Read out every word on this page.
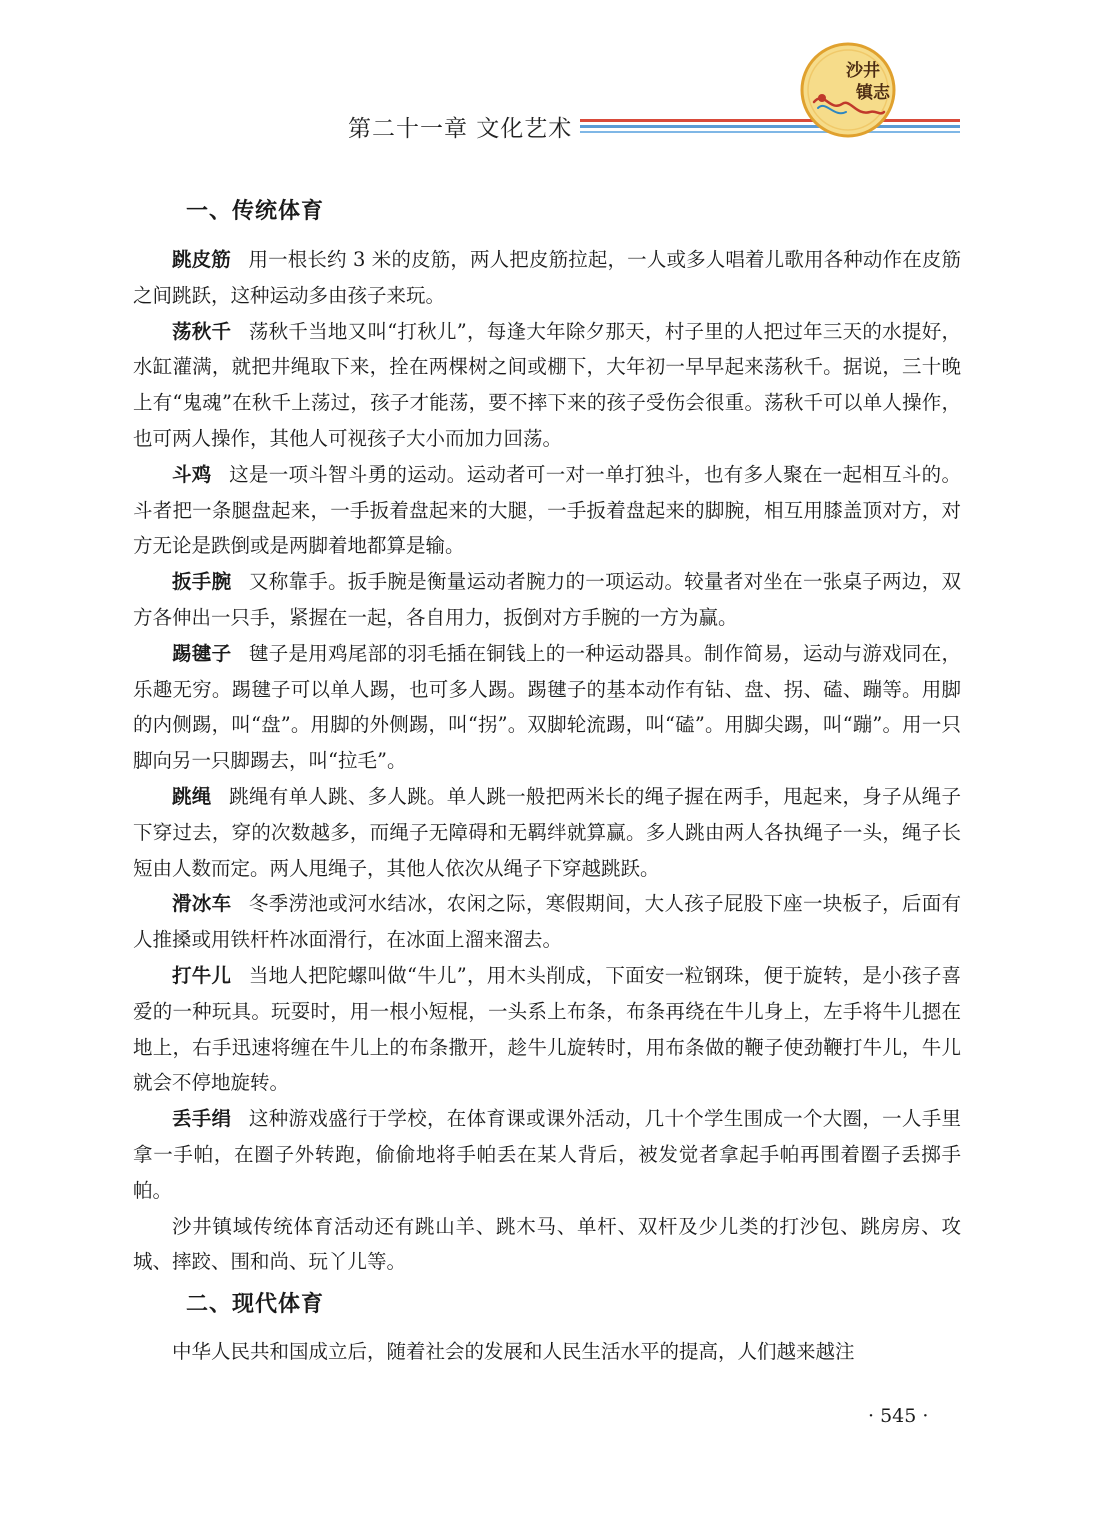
第二十一章 文化艺术
沙井
镇志
一、传统体育

跳皮筋 用一根长约 3 米的皮筋，两人把皮筋拉起，一人或多人唱着儿歌用各种动作在皮筋之间跳跃，这种运动多由孩子来玩。

荡秋千 荡秋千当地又叫“打秋儿”，每逢大年除夕那天，村子里的人把过年三天的水提好，水缸灌满，就把井绳取下来，拴在两棵树之间或棚下，大年初一早早起来荡秋千。据说，三十晚上有“鬼魂”在秋千上荡过，孩子才能荡，要不摔下来的孩子受伤会很重。荡秋千可以单人操作，也可两人操作，其他人可视孩子大小而加力回荡。

斗鸡 这是一项斗智斗勇的运动。运动者可一对一单打独斗，也有多人聚在一起相互斗的。斗者把一条腿盘起来，一手扳着盘起来的大腿，一手扳着盘起来的脚腕，相互用膝盖顶对方，对方无论是跌倒或是两脚着地都算是输。

扳手腕 又称靠手。扳手腕是衡量运动者腕力的一项运动。较量者对坐在一张桌子两边，双方各伸出一只手，紧握在一起，各自用力，扳倒对方手腕的一方为赢。

踢毽子 毽子是用鸡尾部的羽毛插在铜钱上的一种运动器具。制作简易，运动与游戏同在，乐趣无穷。踢毽子可以单人踢，也可多人踢。踢毽子的基本动作有钻、盘、拐、磕、蹦等。用脚的内侧踢，叫“盘”。用脚的外侧踢，叫“拐”。双脚轮流踢，叫“磕”。用脚尖踢，叫“蹦”。用一只脚向另一只脚踢去，叫“拉毛”。

跳绳 跳绳有单人跳、多人跳。单人跳一般把两米长的绳子握在两手，甩起来，身子从绳子下穿过去，穿的次数越多，而绳子无障碍和无羁绊就算赢。多人跳由两人各执绳子一头，绳子长短由人数而定。两人甩绳子，其他人依次从绳子下穿越跳跃。

滑冰车 冬季涝池或河水结冰，农闲之际，寒假期间，大人孩子屁股下座一块板子，后面有人推搡或用铁杆杵冰面滑行，在冰面上溜来溜去。

打牛儿 当地人把陀螺叫做“牛儿”，用木头削成，下面安一粒钢珠，便于旋转，是小孩子喜爱的一种玩具。玩耍时，用一根小短棍，一头系上布条，布条再绕在牛儿身上，左手将牛儿摁在地上，右手迅速将缠在牛儿上的布条撒开，趁牛儿旋转时，用布条做的鞭子使劲鞭打牛儿，牛儿就会不停地旋转。

丢手绢 这种游戏盛行于学校，在体育课或课外活动，几十个学生围成一个大圈，一人手里拿一手帕，在圈子外转跑，偷偷地将手帕丢在某人背后，被发觉者拿起手帕再围着圈子丢掷手帕。

沙井镇域传统体育活动还有跳山羊、跳木马、单杆、双杆及少儿类的打沙包、跳房房、攻城、摔跤、围和尚、玩丫儿等。

二、现代体育

中华人民共和国成立后，随着社会的发展和人民生活水平的提高，人们越来越注

· 545 ·
